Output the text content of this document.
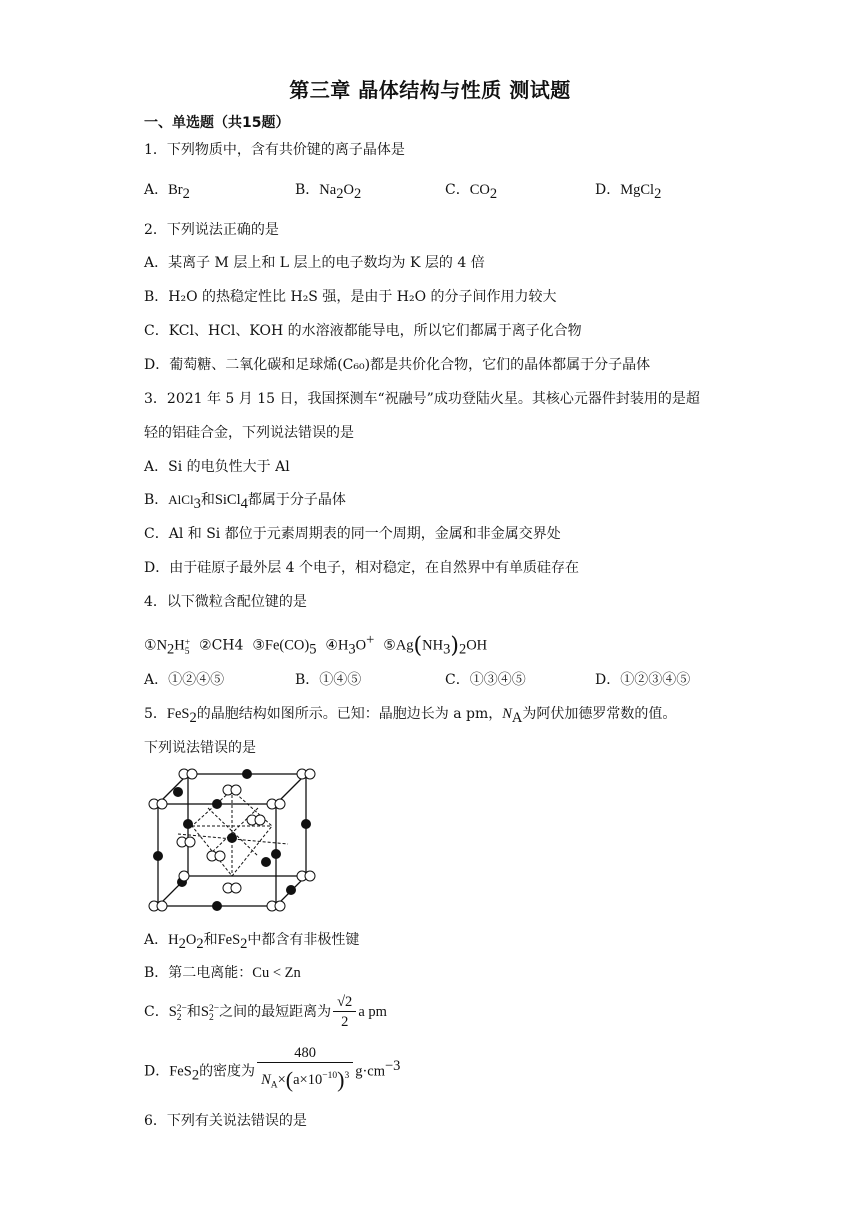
第三章 晶体结构与性质 测试题
一、单选题（共15题）
1．下列物质中，含有共价键的离子晶体是
A．$Br_2$	B．$Na_2O_2$	C．$CO_2$	D．MgCl$_2$
2．下列说法正确的是
A．某离子 M 层上和 L 层上的电子数均为 K 层的 4 倍
B．H₂O 的热稳定性比 H₂S 强，是由于 H₂O 的分子间作用力较大
C．KCl、HCl、KOH 的水溶液都能导电，所以它们都属于离子化合物
D．葡萄糖、二氧化碳和足球烯(C₆₀)都是共价化合物，它们的晶体都属于分子晶体
3．2021 年 5 月 15 日，我国探测车“祝融号”成功登陆火星。其核心元器件封装用的是超
轻的铝硅合金，下列说法错误的是
A．Si 的电负性大于 Al
B．AlCl$_3$和SiCl$_4$都属于分子晶体
C．Al 和 Si 都位于元素周期表的同一个周期，金属和非金属交界处
D．由于硅原子最外层 4 个电子，相对稳定，在自然界中有单质硅存在
4．以下微粒含配位键的是
$①N_2H$ +
5 ②CH4 $③Fe(CO)_5$ $④H_3O^+$ $⑤Ag(NH_3)_2OH$
A．①②④⑤	B．①④⑤	C．①③④⑤	D．①②③④⑤
5．FeS$_2$的晶胞结构如图所示。已知：晶胞边长为 a pm，$N_A$为阿伏加德罗常数的值。
下列说法错误的是
A．$H_2O_2$和FeS$_2$中都含有非极性键
B．第二电离能：Cu < Zn
C．S 2−
2 和S 2−
2 之间的最短距离为 $\frac{√2}{2}$ a pm
D．FeS$_2$的密度为 $\frac{480}{N_A\times(a\times 10^{-10})^3} g\cdot cm^{-3}$
6．下列有关说法错误的是
